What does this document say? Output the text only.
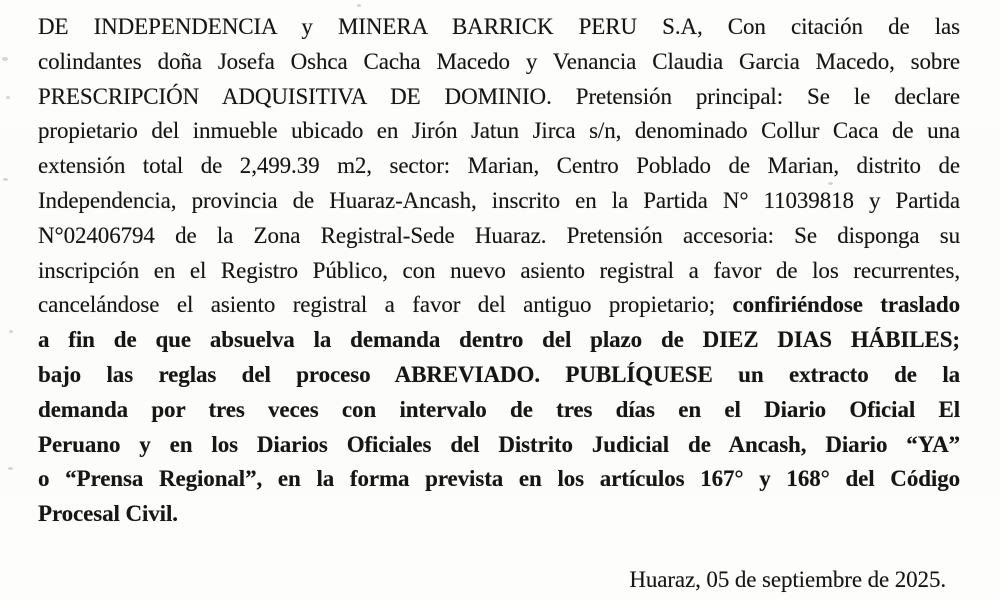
DE INDEPENDENCIA y MINERA BARRICK PERU S.A, Con citación de las
colindantes doña Josefa Oshca Cacha Macedo y Venancia Claudia Garcia Macedo, sobre
PRESCRIPCIÓN ADQUISITIVA DE DOMINIO. Pretensión principal: Se le declare
propietario del inmueble ubicado en Jirón Jatun Jirca s/n, denominado Collur Caca de una
extensión total de 2,499.39 m2, sector: Marian, Centro Poblado de Marian, distrito de
Independencia, provincia de Huaraz-Ancash, inscrito en la Partida N° 11039818 y Partida
N°02406794 de la Zona Registral-Sede Huaraz. Pretensión accesoria: Se disponga su
inscripción en el Registro Público, con nuevo asiento registral a favor de los recurrentes,
cancelándose el asiento registral a favor del antiguo propietario; confiriéndose traslado
a fin de que absuelva la demanda dentro del plazo de DIEZ DIAS HÁBILES;
bajo las reglas del proceso ABREVIADO. PUBLÍQUESE un extracto de la
demanda por tres veces con intervalo de tres días en el Diario Oficial El
Peruano y en los Diarios Oficiales del Distrito Judicial de Ancash, Diario “YA”
o “Prensa Regional”, en la forma prevista en los artículos 167° y 168° del Código
Procesal Civil.
Huaraz, 05 de septiembre de 2025.
